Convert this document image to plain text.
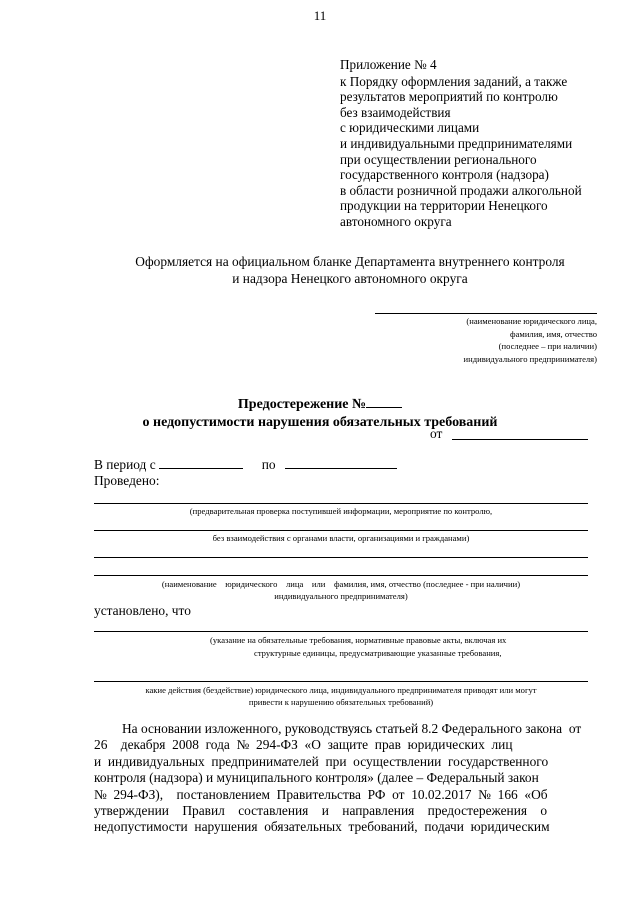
11
Приложение № 4
к Порядку оформления заданий, а также
результатов мероприятий по контролю
без взаимодействия
с юридическими лицами
и индивидуальными предпринимателями
при осуществлении регионального
государственного контроля (надзора)
в области розничной продажи алкогольной
продукции на территории Ненецкого
автономного округа
Оформляется на официальном бланке Департамента внутреннего контроля
и надзора Ненецкого автономного округа
(наименование юридического лица,
фамилия, имя, отчество
(последнее – при наличии)
индивидуального предпринимателя)
Предостережение №
о недопустимости нарушения обязательных требований
от
В период с	по
Проведено:
(предварительная проверка поступившей информации, мероприятие по контролю,
без взаимодействия с органами власти, организациями и гражданами)
(наименование    юридического    лица    или    фамилия, имя, отчество (последнее - при наличии)
индивидуального предпринимателя)
установлено, что
(указание на обязательные требования, нормативные правовые акты, включая их
структурные единицы, предусматривающие указанные требования,
какие действия (бездействие) юридического лица, индивидуального предпринимателя приводят или могут
привести к нарушению обязательных требований)
На основании изложенного, руководствуясь статьей 8.2 Федерального закона  от
26    декабря  2008  года  №  294-ФЗ  «О  защите  прав  юридических  лиц
и  индивидуальных  предпринимателей  при  осуществлении  государственного
контроля (надзора) и муниципального контроля» (далее – Федеральный закон
№  294-ФЗ),    постановлением  Правительства  РФ  от  10.02.2017  №  166  «Об
утверждении    Правил    составления    и    направления    предостережения    о
недопустимости  нарушения  обязательных  требований,  подачи  юридическим
